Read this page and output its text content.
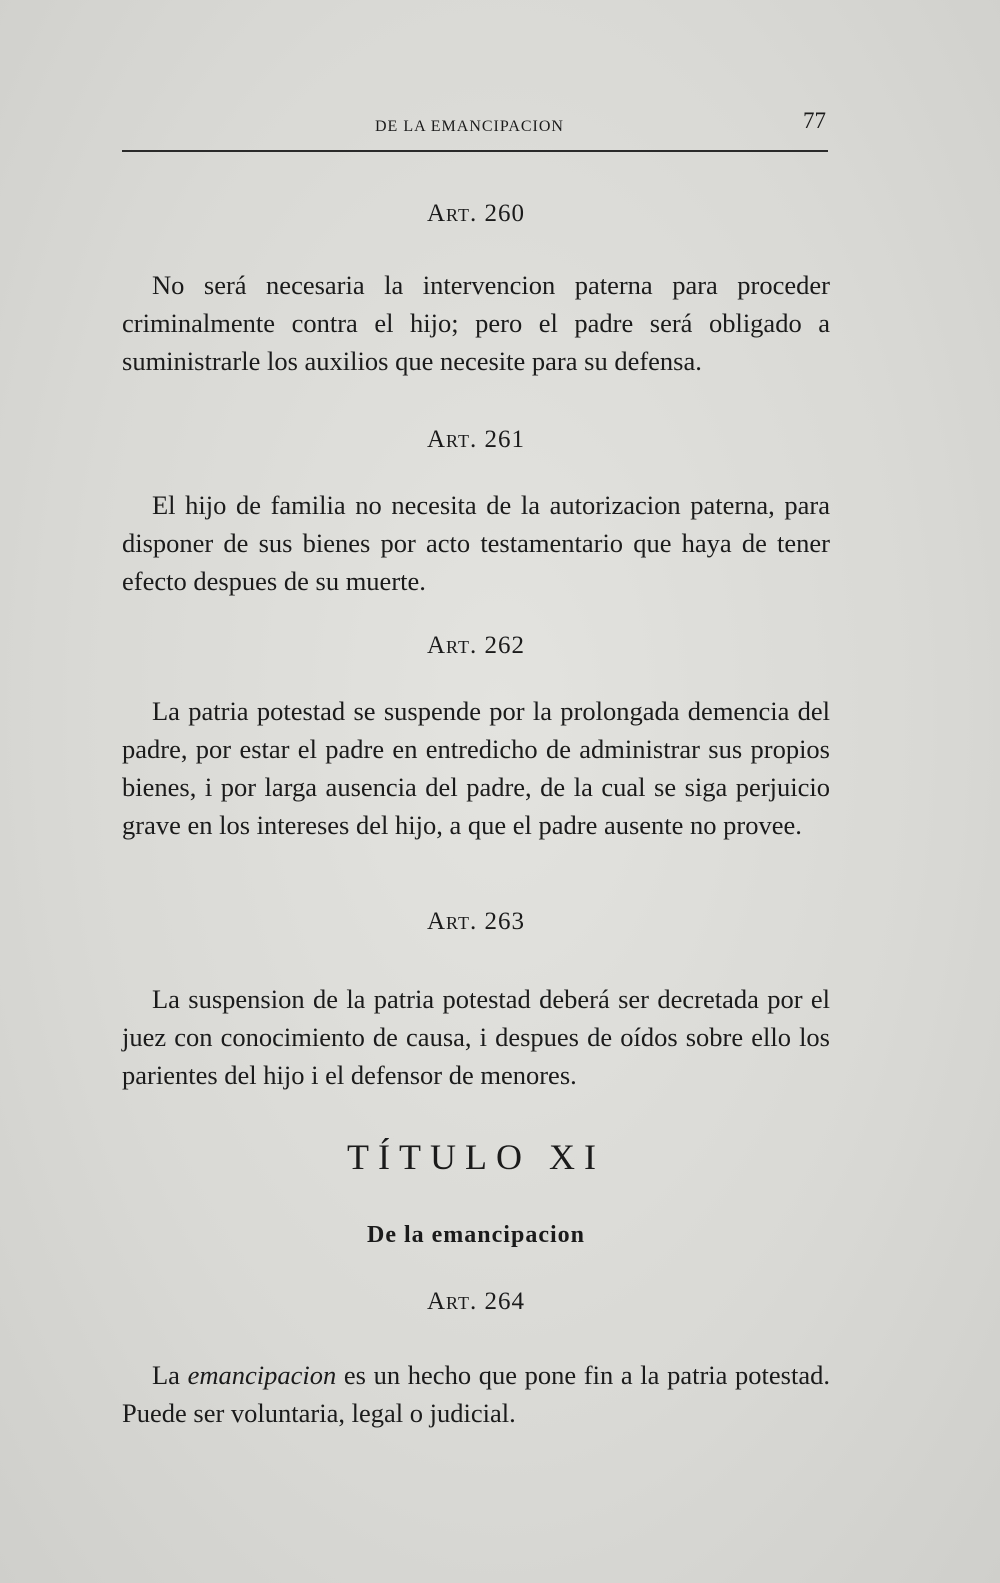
DE LA EMANCIPACION	77
Art. 260

No será necesaria la intervencion paterna para proceder criminalmente contra el hijo; pero el padre será obligado a suministrarle los auxilios que necesite para su defensa.

Art. 261

El hijo de familia no necesita de la autorizacion paterna, para disponer de sus bienes por acto testamentario que haya de tener efecto despues de su muerte.

Art. 262

La patria potestad se suspende por la prolongada demencia del padre, por estar el padre en entredicho de administrar sus propios bienes, i por larga ausencia del padre, de la cual se siga perjuicio grave en los intereses del hijo, a que el padre ausente no provee.

Art. 263

La suspension de la patria potestad deberá ser decretada por el juez con conocimiento de causa, i despues de oídos sobre ello los parientes del hijo i el defensor de menores.

TÍTULO XI
De la emancipacion
Art. 264

La emancipacion es un hecho que pone fin a la patria potestad. Puede ser voluntaria, legal o judicial.
